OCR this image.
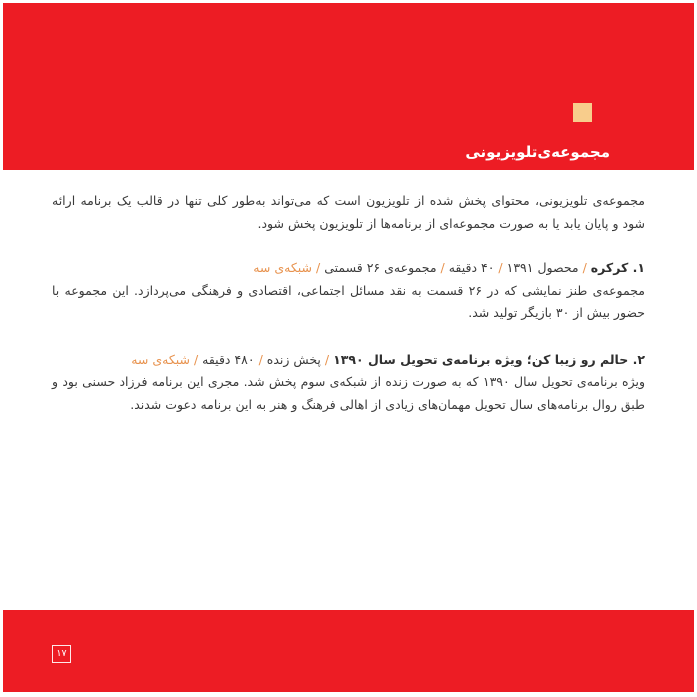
مجموعه‌ی‌تلویزیونی

مجموعه‌ی تلویزیونی، محتوای پخش شده از تلویزیون است که می‌تواند به‌طور کلی تنها در قالب یک برنامه ارائه شود و پایان یابد یا به صورت مجموعه‌ای از برنامه‌ها از تلویزیون پخش شود.

۱. کرکره / محصول ۱۳۹۱ / ۴۰ دقیقه / مجموعه‌ی ۲۶ قسمتی / شبکه‌ی سه

مجموعه‌ی طنز نمایشی که در ۲۶ قسمت به نقد مسائل اجتماعی، اقتصادی و فرهنگی می‌پردازد. این مجموعه با حضور بیش از ۳۰ بازیگر تولید شد.

۲. حالم رو زیبا کن؛ ویژه برنامه‌ی تحویل سال ۱۳۹۰ / پخش زنده / ۴۸۰ دقیقه / شبکه‌ی سه

ویژه برنامه‌ی تحویل سال ۱۳۹۰ که به صورت زنده از شبکه‌ی سوم پخش شد. مجری این برنامه فرزاد حسنی بود و طبق روال برنامه‌های سال تحویل مهمان‌های زیادی از اهالی فرهنگ و هنر به این برنامه دعوت شدند.

۱۷
